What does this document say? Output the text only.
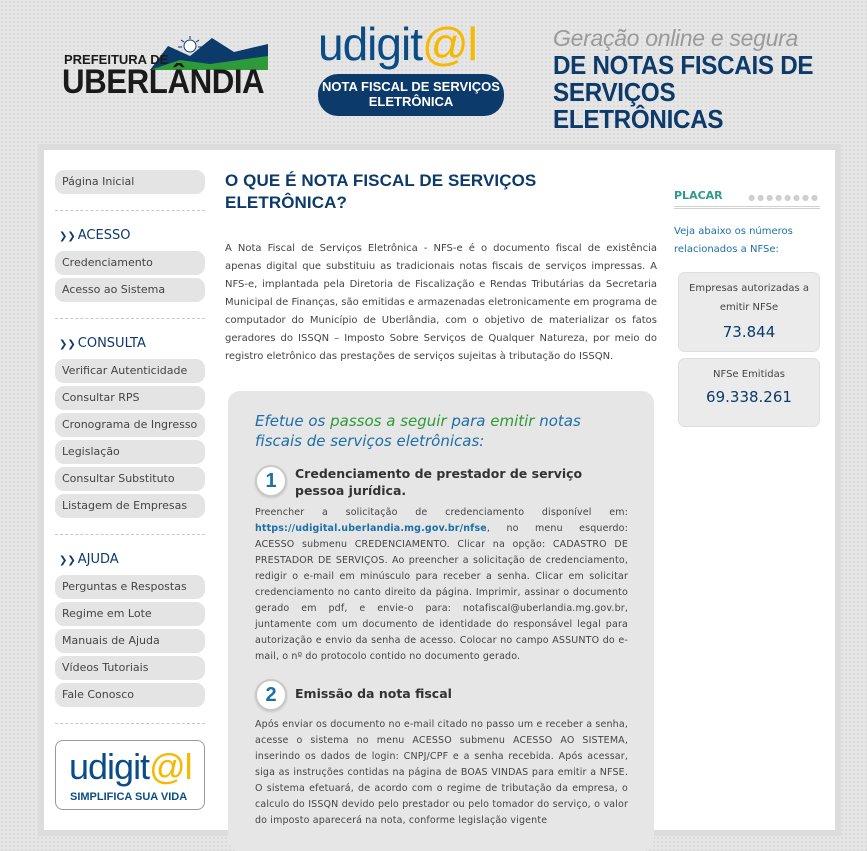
PREFEITURA DE
UBERLÂNDIA
udigit@l
NOTA FISCAL DE SERVIÇOS ELETRÔNICA
Geração online e segura
DE NOTAS FISCAIS DE SERVIÇOS ELETRÔNICAS
Página Inicial
❯❯ ACESSO
Credenciamento
Acesso ao Sistema
❯❯ CONSULTA
Verificar Autenticidade
Consultar RPS
Cronograma de Ingresso
Legislação
Consultar Substituto
Listagem de Empresas
❯❯ AJUDA
Perguntas e Respostas
Regime em Lote
Manuais de Ajuda
Vídeos Tutoriais
Fale Conosco
udigit@l
SIMPLIFICA SUA VIDA
O QUE É NOTA FISCAL DE SERVIÇOS ELETRÔNICA?

A Nota Fiscal de Serviços Eletrônica - NFS-e é o documento fiscal de existência apenas digital que substituiu as tradicionais notas fiscais de serviços impressas. A NFS-e, implantada pela Diretoria de Fiscalização e Rendas Tributárias da Secretaria Municipal de Finanças, são emitidas e armazenadas eletronicamente em programa de computador do Município de Uberlândia, com o objetivo de materializar os fatos geradores do ISSQN – Imposto Sobre Serviços de Qualquer Natureza, por meio do registro eletrônico das prestações de serviços sujeitas à tributação do ISSQN.

Efetue os passos a seguir para emitir notas fiscais de serviços eletrônicas:
1	Credenciamento de prestador de serviço pessoa jurídica.

Preencher a solicitação de credenciamento disponível em: https://udigital.uberlandia.mg.gov.br/nfse, no menu esquerdo: ACESSO submenu CREDENCIAMENTO. Clicar na opção: CADASTRO DE PRESTADOR DE SERVIÇOS. Ao preencher a solicitação de credenciamento, redigir o e-mail em minúsculo para receber a senha. Clicar em solicitar credenciamento no canto direito da página. Imprimir, assinar o documento gerado em pdf, e envie-o para: notafiscal@uberlandia.mg.gov.br, juntamente com um documento de identidade do responsável legal para autorização e envio da senha de acesso. Colocar no campo ASSUNTO do e-mail, o nº do protocolo contido no documento gerado.

2	Emissão da nota fiscal

Após enviar os documento no e-mail citado no passo um e receber a senha, acesse o sistema no menu ACESSO submenu ACESSO AO SISTEMA, inserindo os dados de login: CNPJ/CPF e a senha recebida. Após acessar, siga as instruções contidas na página de BOAS VINDAS para emitir a NFSE. O sistema efetuará, de acordo com o regime de tributação da empresa, o calculo do ISSQN devido pelo prestador ou pelo tomador do serviço, o valor do imposto aparecerá na nota, conforme legislação vigente

PLACAR	●●●●●●●●

Veja abaixo os números relacionados a NFSe:

Empresas autorizadas a emitir NFSe
73.844
NFSe Emitidas
69.338.261
